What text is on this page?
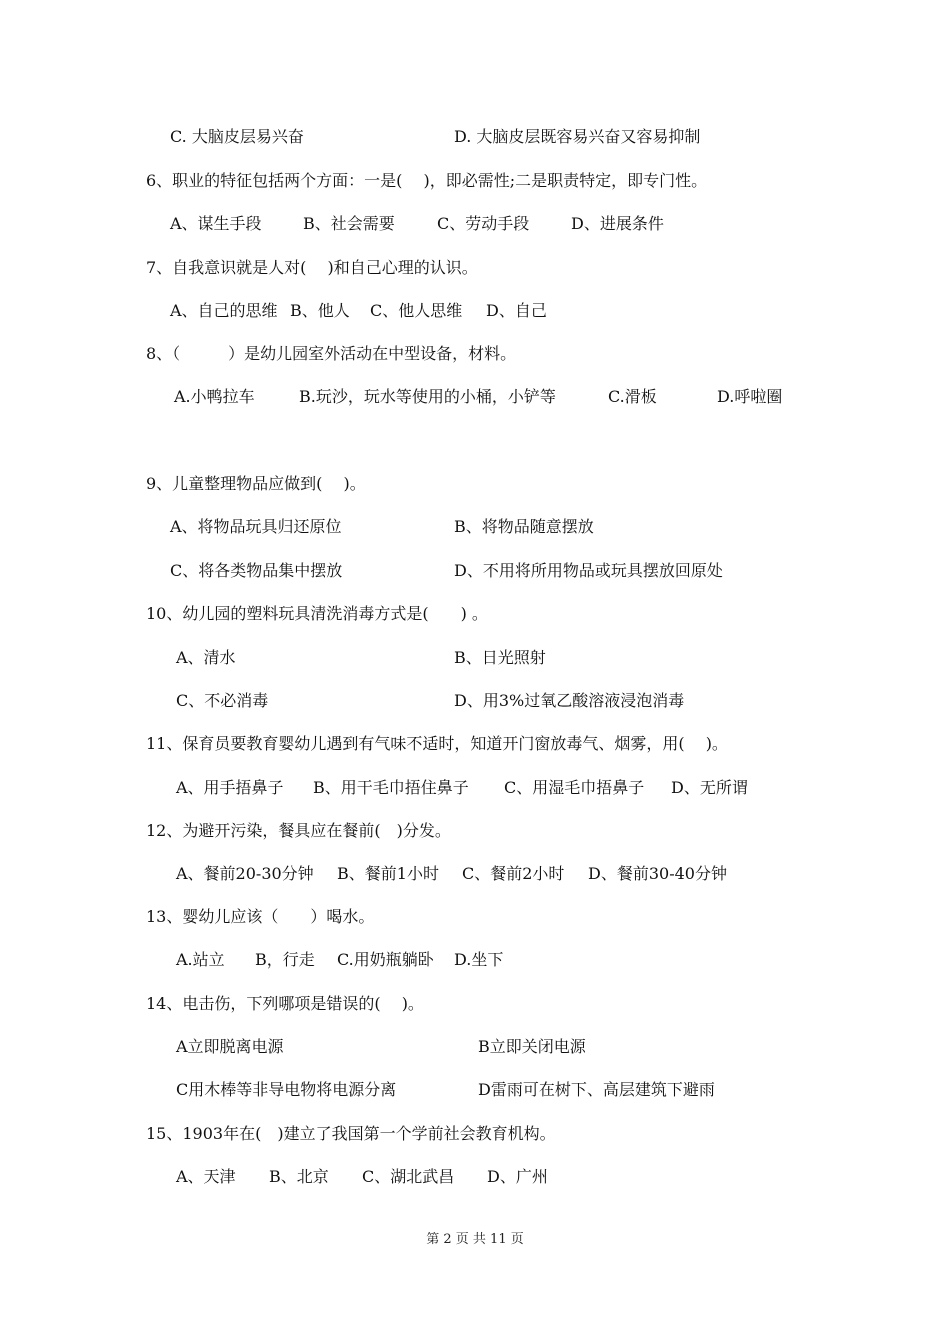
C. 大脑皮层易兴奋	D. 大脑皮层既容易兴奋又容易抑制
6、职业的特征包括两个方面：一是(　 )，即必需性;二是职责特定，即专门性。
A、谋生手段	B、社会需要	C、劳动手段	D、进展条件
7、自我意识就是人对(　 )和自己心理的认识。
A、自己的思维 B、他人 C、他人思维 D、自己
8、（　　　）是幼儿园室外活动在中型设备，材料。
A.小鸭拉车	B.玩沙，玩水等使用的小桶，小铲等	C.滑板	D.呼啦圈
9、儿童整理物品应做到(　 )。
A、将物品玩具归还原位	B、将物品随意摆放
C、将各类物品集中摆放	D、不用将所用物品或玩具摆放回原处
10、幼儿园的塑料玩具清洗消毒方式是(　　) 。
A、清水	B、日光照射
C、不必消毒	D、用3%过氧乙酸溶液浸泡消毒
11、保育员要教育婴幼儿遇到有气味不适时，知道开门窗放毒气、烟雾，用(　 )。
A、用手捂鼻子 B、用干毛巾捂住鼻子 C、用湿毛巾捂鼻子 D、无所谓
12、为避开污染，餐具应在餐前(　)分发。
A、餐前20-30分钟 B、餐前1小时 C、餐前2小时 D、餐前30-40分钟
13、婴幼儿应该（　　）喝水。
A.站立 B，行走 C.用奶瓶躺卧 D.坐下
14、电击伤，下列哪项是错误的(　 )。
A立即脱离电源	B立即关闭电源
C用木棒等非导电物将电源分离	D雷雨可在树下、高层建筑下避雨
15、1903年在(　)建立了我国第一个学前社会教育机构。
A、天津 B、北京 C、湖北武昌 D、广州
第 2 页 共 11 页
